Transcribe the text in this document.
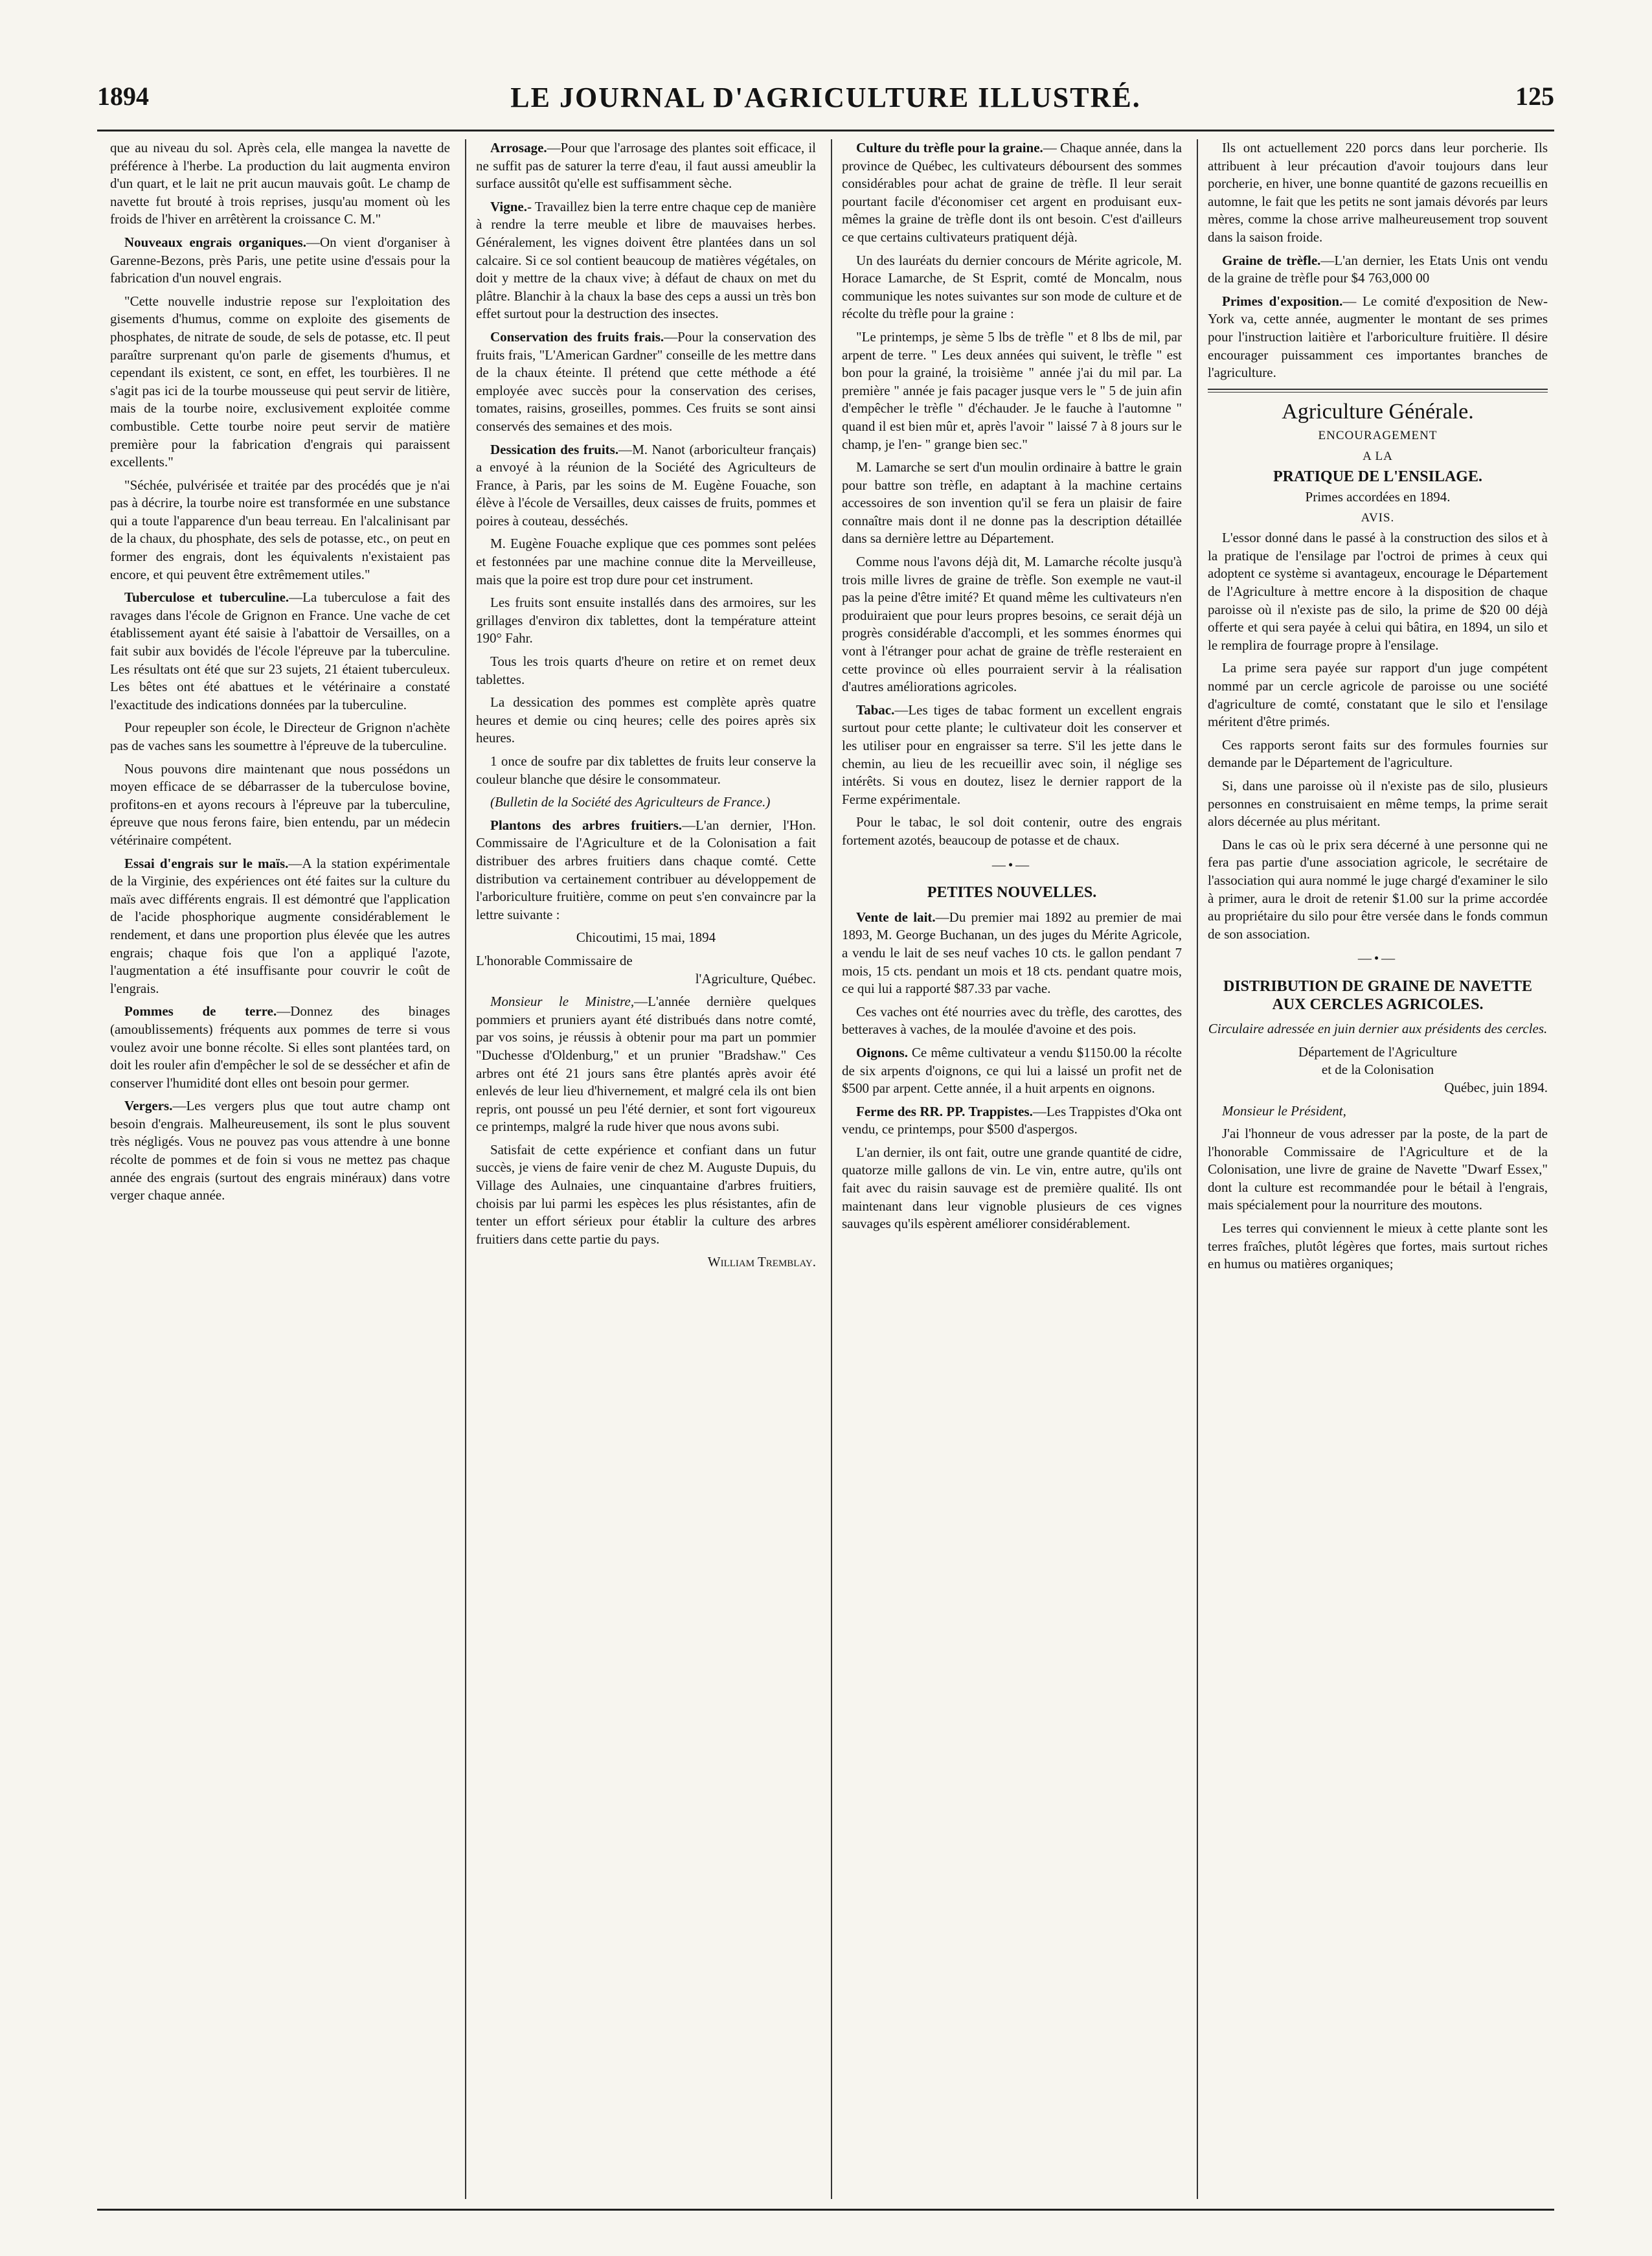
1894	LE JOURNAL D'AGRICULTURE ILLUSTRÉ.	125

que au niveau du sol. Après cela, elle mangea la navette de préférence à l'herbe. La production du lait augmenta environ d'un quart, et le lait ne prit aucun mauvais goût. Le champ de navette fut brouté à trois reprises, jusqu'au moment où les froids de l'hiver en arrêtèrent la croissance C. M."

Nouveaux engrais organiques.—On vient d'organiser à Garenne-Bezons, près Paris, une petite usine d'essais pour la fabrication d'un nouvel engrais.

"Cette nouvelle industrie repose sur l'exploitation des gisements d'humus, comme on exploite des gisements de phosphates, de nitrate de soude, de sels de potasse, etc. Il peut paraître surprenant qu'on parle de gisements d'humus, et cependant ils existent, ce sont, en effet, les tourbières. Il ne s'agit pas ici de la tourbe mousseuse qui peut servir de litière, mais de la tourbe noire, exclusivement exploitée comme combustible. Cette tourbe noire peut servir de matière première pour la fabrication d'engrais qui paraissent excellents."

"Séchée, pulvérisée et traitée par des procédés que je n'ai pas à décrire, la tourbe noire est transformée en une substance qui a toute l'apparence d'un beau terreau. En l'alcalinisant par de la chaux, du phosphate, des sels de potasse, etc., on peut en former des engrais, dont les équivalents n'existaient pas encore, et qui peuvent être extrêmement utiles."

Tuberculose et tuberculine.—La tuberculose a fait des ravages dans l'école de Grignon en France. Une vache de cet établissement ayant été saisie à l'abattoir de Versailles, on a fait subir aux bovidés de l'école l'épreuve par la tuberculine. Les résultats ont été que sur 23 sujets, 21 étaient tuberculeux. Les bêtes ont été abattues et le vétérinaire a constaté l'exactitude des indications données par la tuberculine.

Pour repeupler son école, le Directeur de Grignon n'achète pas de vaches sans les soumettre à l'épreuve de la tuberculine.

Nous pouvons dire maintenant que nous possédons un moyen efficace de se débarrasser de la tuberculose bovine, profitons-en et ayons recours à l'épreuve par la tuberculine, épreuve que nous ferons faire, bien entendu, par un médecin vétérinaire compétent.

Essai d'engrais sur le maïs.—A la station expérimentale de la Virginie, des expériences ont été faites sur la culture du maïs avec différents engrais. Il est démontré que l'application de l'acide phosphorique augmente considérablement le rendement, et dans une proportion plus élevée que les autres engrais; chaque fois que l'on a appliqué l'azote, l'augmentation a été insuffisante pour couvrir le coût de l'engrais.

Pommes de terre.—Donnez des binages (amoublissements) fréquents aux pommes de terre si vous voulez avoir une bonne récolte. Si elles sont plantées tard, on doit les rouler afin d'empêcher le sol de se dessécher et afin de conserver l'humidité dont elles ont besoin pour germer.

Vergers.—Les vergers plus que tout autre champ ont besoin d'engrais. Malheureusement, ils sont le plus souvent très négligés. Vous ne pouvez pas vous attendre à une bonne récolte de pommes et de foin si vous ne mettez pas chaque année des engrais (surtout des engrais minéraux) dans votre verger chaque année.

Arrosage.—Pour que l'arrosage des plantes soit efficace, il ne suffit pas de saturer la terre d'eau, il faut aussi ameublir la surface aussitôt qu'elle est suffisamment sèche.

Vigne.- Travaillez bien la terre entre chaque cep de manière à rendre la terre meuble et libre de mauvaises herbes. Généralement, les vignes doivent être plantées dans un sol calcaire. Si ce sol contient beaucoup de matières végétales, on doit y mettre de la chaux vive; à défaut de chaux on met du plâtre. Blanchir à la chaux la base des ceps a aussi un très bon effet surtout pour la destruction des insectes.

Conservation des fruits frais.—Pour la conservation des fruits frais, "L'American Gardner" conseille de les mettre dans de la chaux éteinte. Il prétend que cette méthode a été employée avec succès pour la conservation des cerises, tomates, raisins, groseilles, pommes. Ces fruits se sont ainsi conservés des semaines et des mois.

Dessication des fruits.—M. Nanot (arboriculteur français) a envoyé à la réunion de la Société des Agriculteurs de France, à Paris, par les soins de M. Eugène Fouache, son élève à l'école de Versailles, deux caisses de fruits, pommes et poires à couteau, desséchés.

M. Eugène Fouache explique que ces pommes sont pelées et festonnées par une machine connue dite la Merveilleuse, mais que la poire est trop dure pour cet instrument.

Les fruits sont ensuite installés dans des armoires, sur les grillages d'environ dix tablettes, dont la température atteint 190° Fahr.

Tous les trois quarts d'heure on retire et on remet deux tablettes.

La dessication des pommes est complète après quatre heures et demie ou cinq heures; celle des poires après six heures.

1 once de soufre par dix tablettes de fruits leur conserve la couleur blanche que désire le consommateur.

(Bulletin de la Société des Agriculteurs de France.)

Plantons des arbres fruitiers.—L'an dernier, l'Hon. Commissaire de l'Agriculture et de la Colonisation a fait distribuer des arbres fruitiers dans chaque comté. Cette distribution va certainement contribuer au développement de l'arboriculture fruitière, comme on peut s'en convaincre par la lettre suivante :

Chicoutimi, 15 mai, 1894

L'honorable Commissaire de

l'Agriculture, Québec.

Monsieur le Ministre,—L'année dernière quelques pommiers et pruniers ayant été distribués dans notre comté, par vos soins, je réussis à obtenir pour ma part un pommier "Duchesse d'Oldenburg," et un prunier "Bradshaw." Ces arbres ont été 21 jours sans être plantés après avoir été enlevés de leur lieu d'hivernement, et malgré cela ils ont bien repris, ont poussé un peu l'été dernier, et sont fort vigoureux ce printemps, malgré la rude hiver que nous avons subi.

Satisfait de cette expérience et confiant dans un futur succès, je viens de faire venir de chez M. Auguste Dupuis, du Village des Aulnaies, une cinquantaine d'arbres fruitiers, choisis par lui parmi les espèces les plus résistantes, afin de tenter un effort sérieux pour établir la culture des arbres fruitiers dans cette partie du pays.

William Tremblay.

Culture du trèfle pour la graine.— Chaque année, dans la province de Québec, les cultivateurs déboursent des sommes considérables pour achat de graine de trèfle. Il leur serait pourtant facile d'économiser cet argent en produisant eux-mêmes la graine de trèfle dont ils ont besoin. C'est d'ailleurs ce que certains cultivateurs pratiquent déjà.

Un des lauréats du dernier concours de Mérite agricole, M. Horace Lamarche, de St Esprit, comté de Moncalm, nous communique les notes suivantes sur son mode de culture et de récolte du trèfle pour la graine :

"Le printemps, je sème 5 lbs de trèfle " et 8 lbs de mil, par arpent de terre. " Les deux années qui suivent, le trèfle " est bon pour la grainé, la troisième " année j'ai du mil par. La première " année je fais pacager jusque vers le " 5 de juin afin d'empêcher le trèfle " d'échauder. Je le fauche à l'automne " quand il est bien mûr et, après l'avoir " laissé 7 à 8 jours sur le champ, je l'en- " grange bien sec."

M. Lamarche se sert d'un moulin ordinaire à battre le grain pour battre son trèfle, en adaptant à la machine certains accessoires de son invention qu'il se fera un plaisir de faire connaître mais dont il ne donne pas la description détaillée dans sa dernière lettre au Département.

Comme nous l'avons déjà dit, M. Lamarche récolte jusqu'à trois mille livres de graine de trèfle. Son exemple ne vaut-il pas la peine d'être imité? Et quand même les cultivateurs n'en produiraient que pour leurs propres besoins, ce serait déjà un progrès considérable d'accompli, et les sommes énormes qui vont à l'étranger pour achat de graine de trèfle resteraient en cette province où elles pourraient servir à la réalisation d'autres améliorations agricoles.

Tabac.—Les tiges de tabac forment un excellent engrais surtout pour cette plante; le cultivateur doit les conserver et les utiliser pour en engraisser sa terre. S'il les jette dans le chemin, au lieu de les recueillir avec soin, il néglige ses intérêts. Si vous en doutez, lisez le dernier rapport de la Ferme expérimentale.

Pour le tabac, le sol doit contenir, outre des engrais fortement azotés, beaucoup de potasse et de chaux.

—•—
PETITES NOUVELLES.

Vente de lait.—Du premier mai 1892 au premier de mai 1893, M. George Buchanan, un des juges du Mérite Agricole, a vendu le lait de ses neuf vaches 10 cts. le gallon pendant 7 mois, 15 cts. pendant un mois et 18 cts. pendant quatre mois, ce qui lui a rapporté $87.33 par vache.

Ces vaches ont été nourries avec du trèfle, des carottes, des betteraves à vaches, de la moulée d'avoine et des pois.

Oignons. Ce même cultivateur a vendu $1150.00 la récolte de six arpents d'oignons, ce qui lui a laissé un profit net de $500 par arpent. Cette année, il a huit arpents en oignons.

Ferme des RR. PP. Trappistes.—Les Trappistes d'Oka ont vendu, ce printemps, pour $500 d'aspergos.

L'an dernier, ils ont fait, outre une grande quantité de cidre, quatorze mille gallons de vin. Le vin, entre autre, qu'ils ont fait avec du raisin sauvage est de première qualité. Ils ont maintenant dans leur vignoble plusieurs de ces vignes sauvages qu'ils espèrent améliorer considérablement.

Ils ont actuellement 220 porcs dans leur porcherie. Ils attribuent à leur précaution d'avoir toujours dans leur porcherie, en hiver, une bonne quantité de gazons recueillis en automne, le fait que les petits ne sont jamais dévorés par leurs mères, comme la chose arrive malheureusement trop souvent dans la saison froide.

Graine de trèfle.—L'an dernier, les Etats Unis ont vendu de la graine de trèfle pour $4 763,000 00

Primes d'exposition.— Le comité d'exposition de New-York va, cette année, augmenter le montant de ses primes pour l'instruction laitière et l'arboriculture fruitière. Il désire encourager puissamment ces importantes branches de l'agriculture.

Agriculture Générale.
ENCOURAGEMENT
A LA
PRATIQUE DE L'ENSILAGE.
Primes accordées en 1894.
AVIS.

L'essor donné dans le passé à la construction des silos et à la pratique de l'ensilage par l'octroi de primes à ceux qui adoptent ce système si avantageux, encourage le Département de l'Agriculture à mettre encore à la disposition de chaque paroisse où il n'existe pas de silo, la prime de $20 00 déjà offerte et qui sera payée à celui qui bâtira, en 1894, un silo et le remplira de fourrage propre à l'ensilage.

La prime sera payée sur rapport d'un juge compétent nommé par un cercle agricole de paroisse ou une société d'agriculture de comté, constatant que le silo et l'ensilage méritent d'être primés.

Ces rapports seront faits sur des formules fournies sur demande par le Département de l'agriculture.

Si, dans une paroisse où il n'existe pas de silo, plusieurs personnes en construisaient en même temps, la prime serait alors décernée au plus méritant.

Dans le cas où le prix sera décerné à une personne qui ne fera pas partie d'une association agricole, le secrétaire de l'association qui aura nommé le juge chargé d'examiner le silo à primer, aura le droit de retenir $1.00 sur la prime accordée au propriétaire du silo pour être versée dans le fonds commun de son association.

—•—
DISTRIBUTION DE GRAINE DE NAVETTE AUX CERCLES AGRICOLES.

Circulaire adressée en juin dernier aux présidents des cercles.

Département de l'Agriculture

et de la Colonisation

Québec, juin 1894.

Monsieur le Président,

J'ai l'honneur de vous adresser par la poste, de la part de l'honorable Commissaire de l'Agriculture et de la Colonisation, une livre de graine de Navette "Dwarf Essex," dont la culture est recommandée pour le bétail à l'engrais, mais spécialement pour la nourriture des moutons.

Les terres qui conviennent le mieux à cette plante sont les terres fraîches, plutôt légères que fortes, mais surtout riches en humus ou matières organiques;
